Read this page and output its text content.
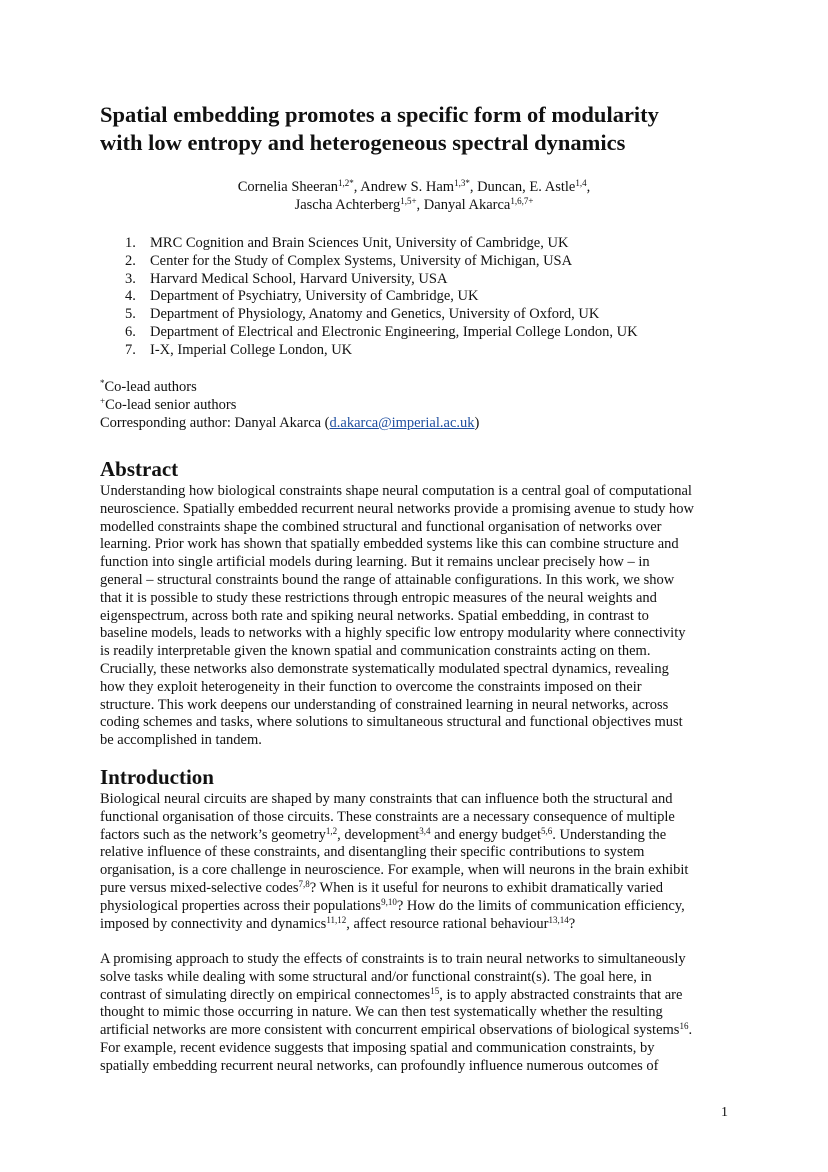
Spatial embedding promotes a specific form of modularity
with low entropy and heterogeneous spectral dynamics
Cornelia Sheeran$^{1,2*}$, Andrew S. Ham$^{1,3*}$, Duncan, E. Astle$^{1,4}$,
Jascha Achterberg$^{1,5+}$, Danyal Akarca$^{1,6,7+}$
1. MRC Cognition and Brain Sciences Unit, University of Cambridge, UK
2. Center for the Study of Complex Systems, University of Michigan, USA
3. Harvard Medical School, Harvard University, USA
4. Department of Psychiatry, University of Cambridge, UK
5. Department of Physiology, Anatomy and Genetics, University of Oxford, UK
6. Department of Electrical and Electronic Engineering, Imperial College London, UK
7. I-X, Imperial College London, UK
*Co-lead authors
+Co-lead senior authors
Corresponding author: Danyal Akarca (d.akarca@imperial.ac.uk)
Abstract
Understanding how biological constraints shape neural computation is a central goal of computational
neuroscience. Spatially embedded recurrent neural networks provide a promising avenue to study how
modelled constraints shape the combined structural and functional organisation of networks over
learning. Prior work has shown that spatially embedded systems like this can combine structure and
function into single artificial models during learning. But it remains unclear precisely how – in
general – structural constraints bound the range of attainable configurations. In this work, we show
that it is possible to study these restrictions through entropic measures of the neural weights and
eigenspectrum, across both rate and spiking neural networks. Spatial embedding, in contrast to
baseline models, leads to networks with a highly specific low entropy modularity where connectivity
is readily interpretable given the known spatial and communication constraints acting on them.
Crucially, these networks also demonstrate systematically modulated spectral dynamics, revealing
how they exploit heterogeneity in their function to overcome the constraints imposed on their
structure. This work deepens our understanding of constrained learning in neural networks, across
coding schemes and tasks, where solutions to simultaneous structural and functional objectives must
be accomplished in tandem.
Introduction
Biological neural circuits are shaped by many constraints that can influence both the structural and
functional organisation of those circuits. These constraints are a necessary consequence of multiple
factors such as the network’s geometry$^{1,2}$, development$^{3,4}$ and energy budget$^{5,6}$. Understanding the
relative influence of these constraints, and disentangling their specific contributions to system
organisation, is a core challenge in neuroscience. For example, when will neurons in the brain exhibit
pure versus mixed-selective codes$^{7,8}$? When is it useful for neurons to exhibit dramatically varied
physiological properties across their populations$^{9,10}$? How do the limits of communication efficiency,
imposed by connectivity and dynamics$^{11,12}$, affect resource rational behaviour$^{13,14}$?
A promising approach to study the effects of constraints is to train neural networks to simultaneously
solve tasks while dealing with some structural and/or functional constraint(s). The goal here, in
contrast of simulating directly on empirical connectomes$^{15}$, is to apply abstracted constraints that are
thought to mimic those occurring in nature. We can then test systematically whether the resulting
artificial networks are more consistent with concurrent empirical observations of biological systems$^{16}$.
For example, recent evidence suggests that imposing spatial and communication constraints, by
spatially embedding recurrent neural networks, can profoundly influence numerous outcomes of
1
